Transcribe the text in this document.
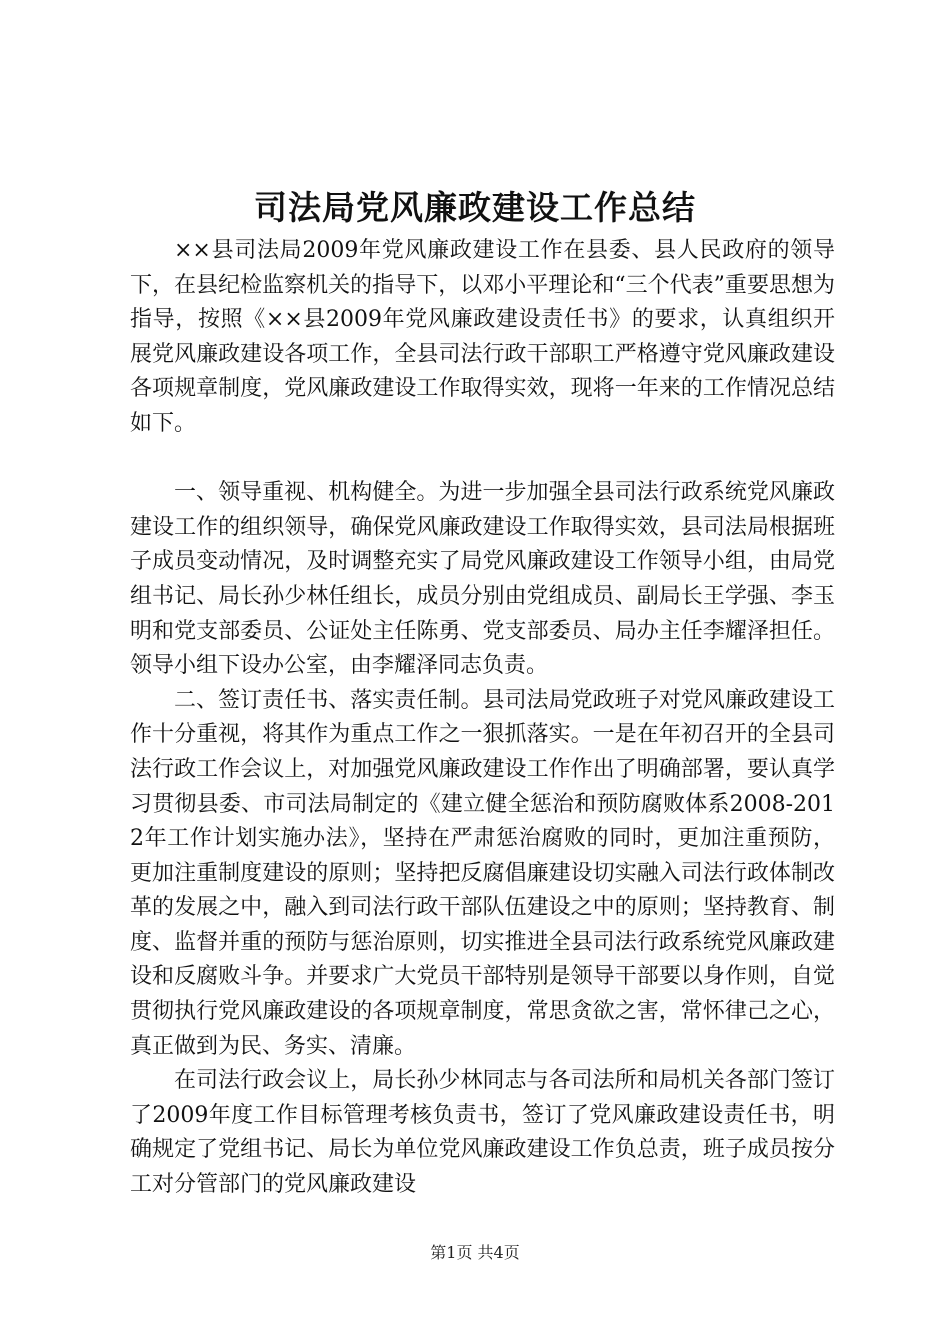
司法局党风廉政建设工作总结

××县司法局2009年党风廉政建设工作在县委、县人民政府的领导下，在县纪检监察机关的指导下，以邓小平理论和“三个代表”重要思想为指导，按照《××县2009年党风廉政建设责任书》的要求，认真组织开展党风廉政建设各项工作，全县司法行政干部职工严格遵守党风廉政建设各项规章制度，党风廉政建设工作取得实效，现将一年来的工作情况总结如下。

一、领导重视、机构健全。为进一步加强全县司法行政系统党风廉政建设工作的组织领导，确保党风廉政建设工作取得实效，县司法局根据班子成员变动情况，及时调整充实了局党风廉政建设工作领导小组，由局党组书记、局长孙少林任组长，成员分别由党组成员、副局长王学强、李玉明和党支部委员、公证处主任陈勇、党支部委员、局办主任李耀泽担任。领导小组下设办公室，由李耀泽同志负责。

二、签订责任书、落实责任制。县司法局党政班子对党风廉政建设工作十分重视，将其作为重点工作之一狠抓落实。一是在年初召开的全县司法行政工作会议上，对加强党风廉政建设工作作出了明确部署，要认真学习贯彻县委、市司法局制定的《建立健全惩治和预防腐败体系2008-2012年工作计划实施办法》，坚持在严肃惩治腐败的同时，更加注重预防，更加注重制度建设的原则；坚持把反腐倡廉建设切实融入司法行政体制改革的发展之中，融入到司法行政干部队伍建设之中的原则；坚持教育、制度、监督并重的预防与惩治原则，切实推进全县司法行政系统党风廉政建设和反腐败斗争。并要求广大党员干部特别是领导干部要以身作则，自觉贯彻执行党风廉政建设的各项规章制度，常思贪欲之害，常怀律己之心，真正做到为民、务实、清廉。

在司法行政会议上，局长孙少林同志与各司法所和局机关各部门签订了2009年度工作目标管理考核负责书，签订了党风廉政建设责任书，明确规定了党组书记、局长为单位党风廉政建设工作负总责，班子成员按分工对分管部门的党风廉政建设

第1页 共4页
